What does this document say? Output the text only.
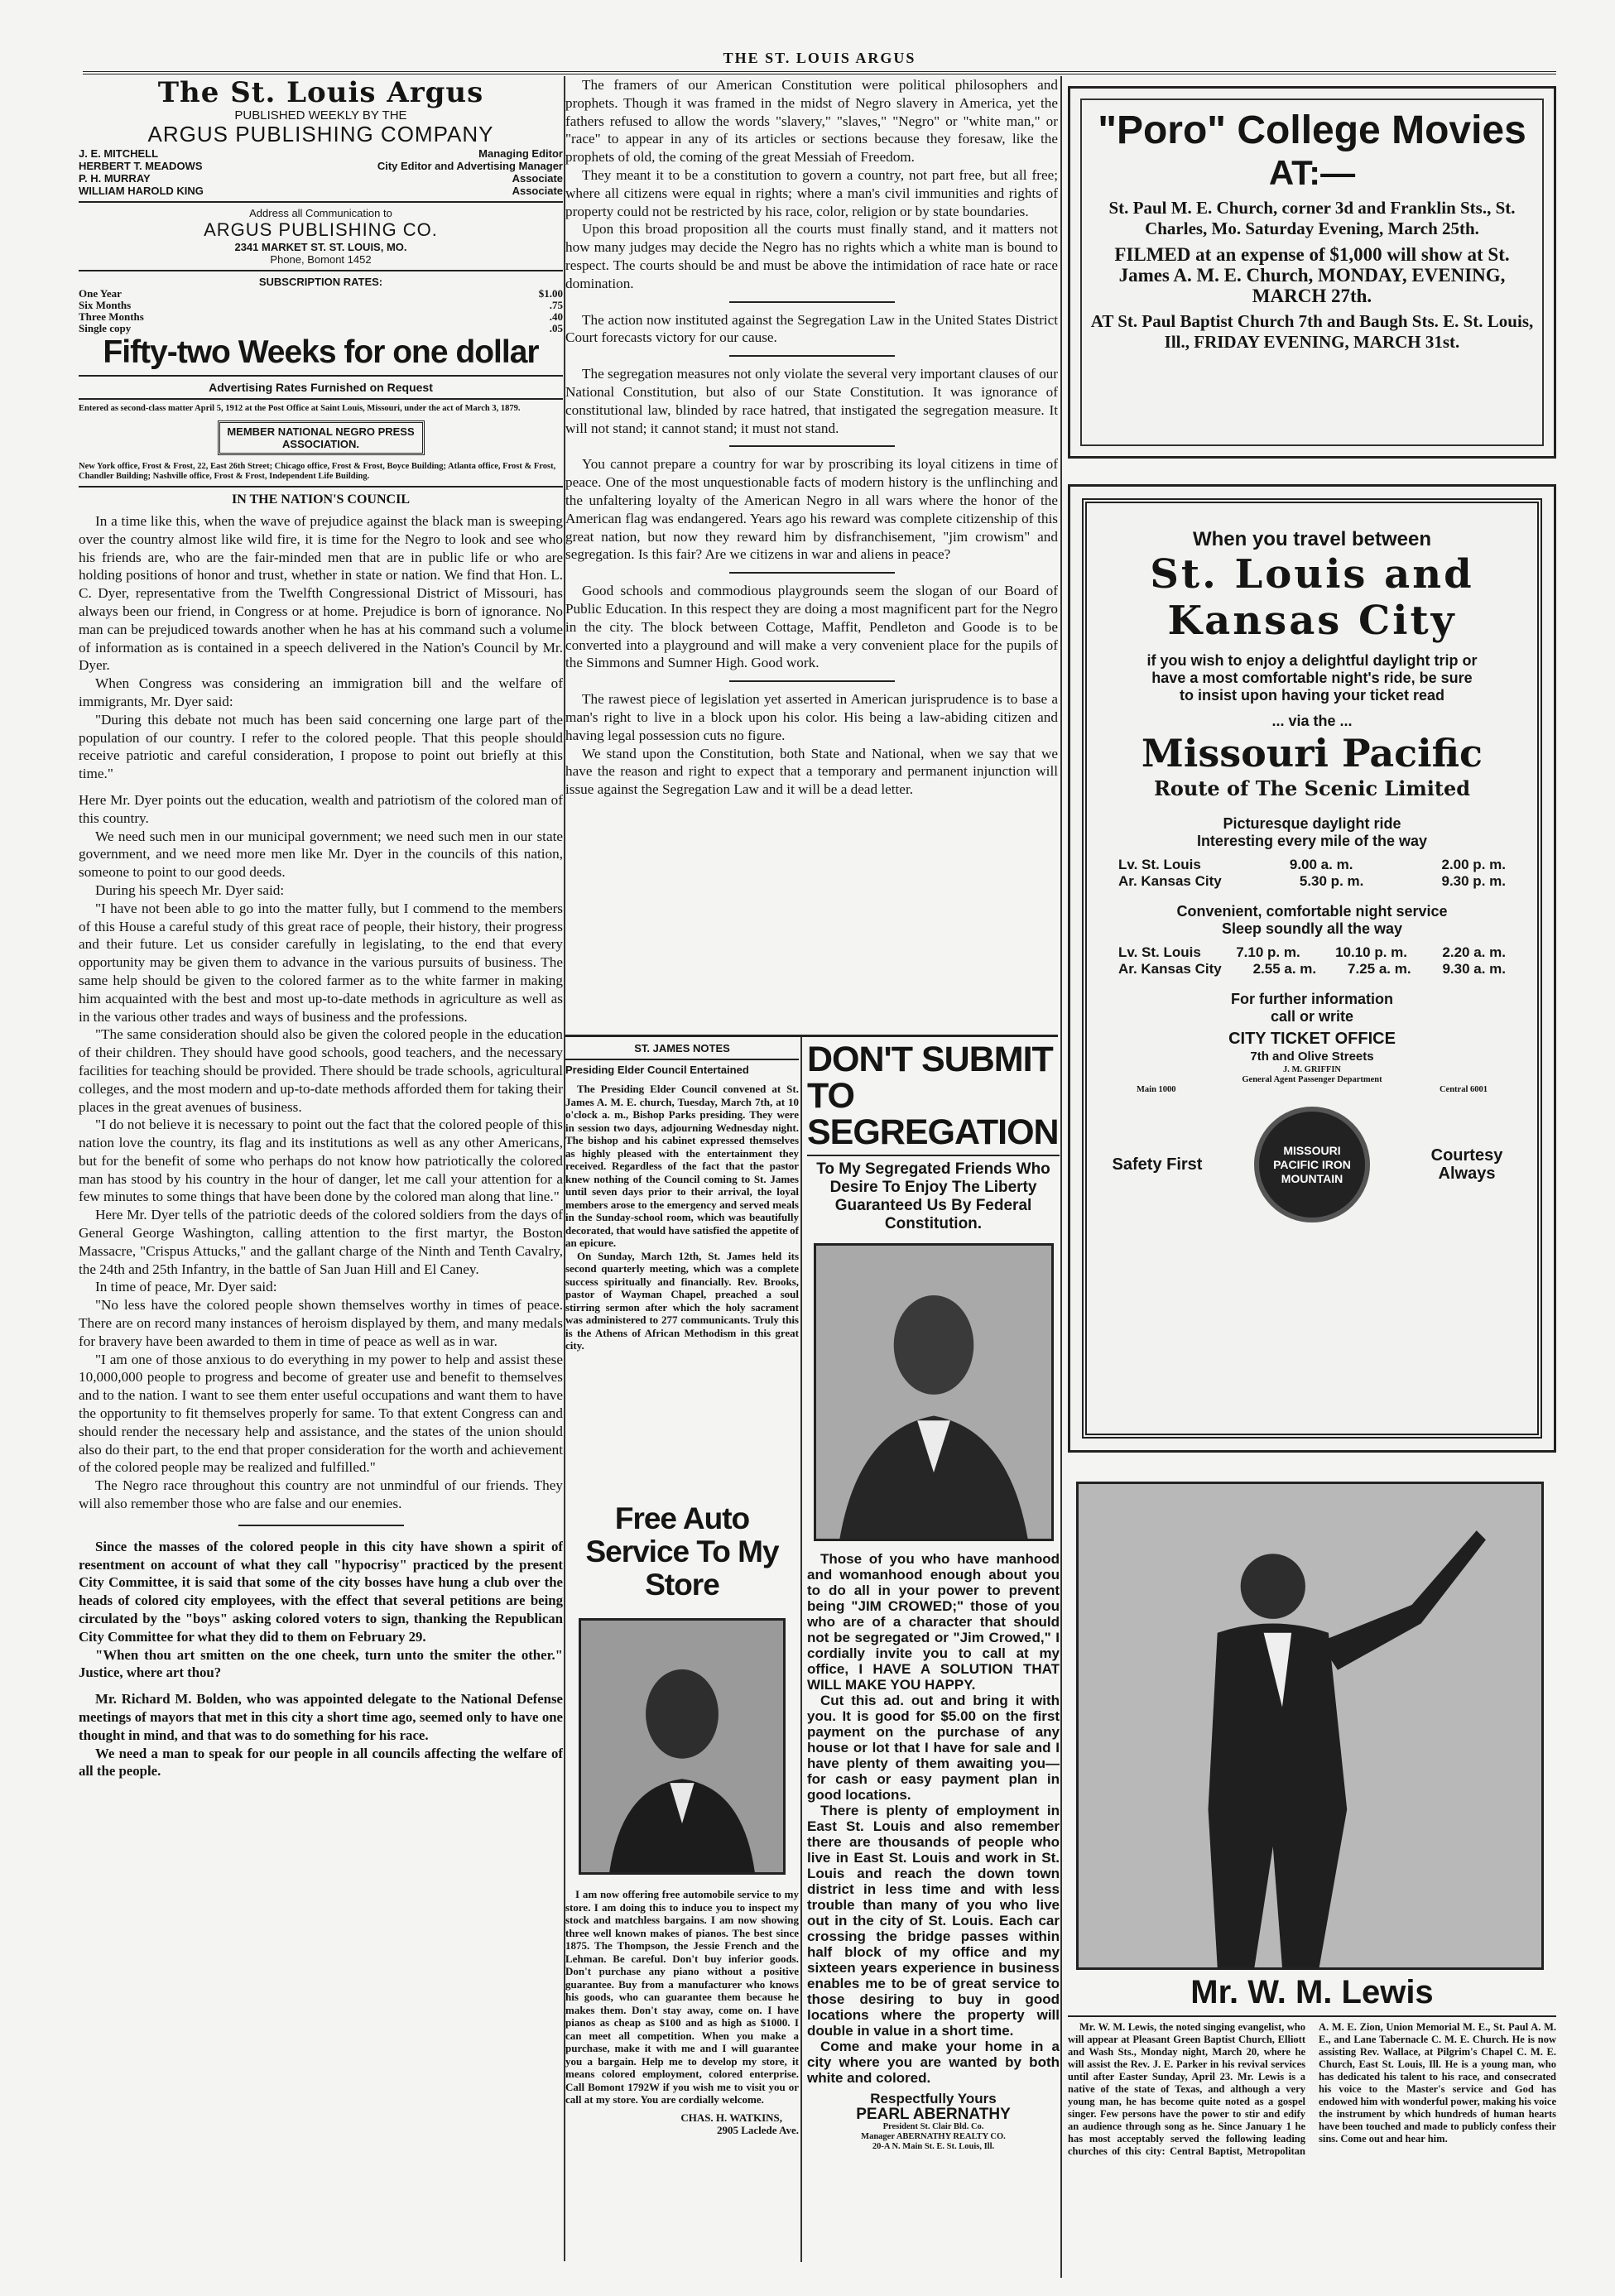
THE ST. LOUIS ARGUS
The St. Louis Argus
PUBLISHED WEEKLY BY THE
ARGUS PUBLISHING COMPANY
J. E. MITCHELL	Managing Editor
HERBERT T. MEADOWS	City Editor and Advertising Manager
P. H. MURRAY	Associate
WILLIAM HAROLD KING	Associate
Address all Communication to
ARGUS PUBLISHING CO.
2341 MARKET ST. ST. LOUIS, MO.
Phone, Bomont 1452
SUBSCRIPTION RATES:
One Year	$1.00
Six Months	.75
Three Months	.40
Single copy	.05
Fifty-two Weeks for one dollar
Advertising Rates Furnished on Request
Entered as second-class matter April 5, 1912 at the Post Office at Saint Louis, Missouri, under the act of March 3, 1879.
MEMBER NATIONAL NEGRO PRESS ASSOCIATION.
New York office, Frost & Frost, 22, East 26th Street; Chicago office, Frost & Frost, Boyce Building; Atlanta office, Frost & Frost, Chandler Building; Nashville office, Frost & Frost, Independent Life Building.
IN THE NATION'S COUNCIL

In a time like this, when the wave of prejudice against the black man is sweeping over the country almost like wild fire, it is time for the Negro to look and see who his friends are, who are the fair-minded men that are in public life or who are holding positions of honor and trust, whether in state or nation. We find that Hon. L. C. Dyer, representative from the Twelfth Congressional District of Missouri, has always been our friend, in Congress or at home. Prejudice is born of ignorance. No man can be prejudiced towards another when he has at his command such a volume of information as is contained in a speech delivered in the Nation's Council by Mr. Dyer.

When Congress was considering an immigration bill and the welfare of immigrants, Mr. Dyer said:

"During this debate not much has been said concerning one large part of the population of our country. I refer to the colored people. That this people should receive patriotic and careful consideration, I propose to point out briefly at this time."

Here Mr. Dyer points out the education, wealth and patriotism of the colored man of this country.

We need such men in our municipal government; we need such men in our state government, and we need more men like Mr. Dyer in the councils of this nation, someone to point to our good deeds.

During his speech Mr. Dyer said:

"I have not been able to go into the matter fully, but I commend to the members of this House a careful study of this great race of people, their history, their progress and their future. Let us consider carefully in legislating, to the end that every opportunity may be given them to advance in the various pursuits of business. The same help should be given to the colored farmer as to the white farmer in making him acquainted with the best and most up-to-date methods in agriculture as well as in the various other trades and ways of business and the professions.

"The same consideration should also be given the colored people in the education of their children. They should have good schools, good teachers, and the necessary facilities for teaching should be provided. There should be trade schools, agricultural colleges, and the most modern and up-to-date methods afforded them for taking their places in the great avenues of business.

"I do not believe it is necessary to point out the fact that the colored people of this nation love the country, its flag and its institutions as well as any other Americans, but for the benefit of some who perhaps do not know how patriotically the colored man has stood by his country in the hour of danger, let me call your attention for a few minutes to some things that have been done by the colored man along that line."

Here Mr. Dyer tells of the patriotic deeds of the colored soldiers from the days of General George Washington, calling attention to the first martyr, the Boston Massacre, "Crispus Attucks," and the gallant charge of the Ninth and Tenth Cavalry, the 24th and 25th Infantry, in the battle of San Juan Hill and El Caney.

In time of peace, Mr. Dyer said:

"No less have the colored people shown themselves worthy in times of peace. There are on record many instances of heroism displayed by them, and many medals for bravery have been awarded to them in time of peace as well as in war.

"I am one of those anxious to do everything in my power to help and assist these 10,000,000 people to progress and become of greater use and benefit to themselves and to the nation. I want to see them enter useful occupations and want them to have the opportunity to fit themselves properly for same. To that extent Congress can and should render the necessary help and assistance, and the states of the union should also do their part, to the end that proper consideration for the worth and achievement of the colored people may be realized and fulfilled."

The Negro race throughout this country are not unmindful of our friends. They will also remember those who are false and our enemies.

Since the masses of the colored people in this city have shown a spirit of resentment on account of what they call "hypocrisy" practiced by the present City Committee, it is said that some of the city bosses have hung a club over the heads of colored city employees, with the effect that several petitions are being circulated by the "boys" asking colored voters to sign, thanking the Republican City Committee for what they did to them on February 29.

"When thou art smitten on the one cheek, turn unto the smiter the other." Justice, where art thou?

Mr. Richard M. Bolden, who was appointed delegate to the National Defense meetings of mayors that met in this city a short time ago, seemed only to have one thought in mind, and that was to do something for his race.

We need a man to speak for our people in all councils affecting the welfare of all the people.

The framers of our American Constitution were political philosophers and prophets. Though it was framed in the midst of Negro slavery in America, yet the fathers refused to allow the words "slavery," "slaves," "Negro" or "white man," or "race" to appear in any of its articles or sections because they foresaw, like the prophets of old, the coming of the great Messiah of Freedom.

They meant it to be a constitution to govern a country, not part free, but all free; where all citizens were equal in rights; where a man's civil immunities and rights of property could not be restricted by his race, color, religion or by state boundaries.

Upon this broad proposition all the courts must finally stand, and it matters not how many judges may decide the Negro has no rights which a white man is bound to respect. The courts should be and must be above the intimidation of race hate or race domination.

The action now instituted against the Segregation Law in the United States District Court forecasts victory for our cause.

The segregation measures not only violate the several very important clauses of our National Constitution, but also of our State Constitution. It was ignorance of constitutional law, blinded by race hatred, that instigated the segregation measure. It will not stand; it cannot stand; it must not stand.

You cannot prepare a country for war by proscribing its loyal citizens in time of peace. One of the most unquestionable facts of modern history is the unflinching and the unfaltering loyalty of the American Negro in all wars where the honor of the American flag was endangered. Years ago his reward was complete citizenship of this great nation, but now they reward him by disfranchisement, "jim crowism" and segregation. Is this fair? Are we citizens in war and aliens in peace?

Good schools and commodious playgrounds seem the slogan of our Board of Public Education. In this respect they are doing a most magnificent part for the Negro in the city. The block between Cottage, Maffit, Pendleton and Goode is to be converted into a playground and will make a very convenient place for the pupils of the Simmons and Sumner High. Good work.

The rawest piece of legislation yet asserted in American jurisprudence is to base a man's right to live in a block upon his color. His being a law-abiding citizen and having legal possession cuts no figure.

We stand upon the Constitution, both State and National, when we say that we have the reason and right to expect that a temporary and permanent injunction will issue against the Segregation Law and it will be a dead letter.

ST. JAMES NOTES
Presiding Elder Council Entertained

The Presiding Elder Council convened at St. James A. M. E. church, Tuesday, March 7th, at 10 o'clock a. m., Bishop Parks presiding. They were in session two days, adjourning Wednesday night. The bishop and his cabinet expressed themselves as highly pleased with the entertainment they received. Regardless of the fact that the pastor knew nothing of the Council coming to St. James until seven days prior to their arrival, the loyal members arose to the emergency and served meals in the Sunday-school room, which was beautifully decorated, that would have satisfied the appetite of an epicure.

On Sunday, March 12th, St. James held its second quarterly meeting, which was a complete success spiritually and financially. Rev. Brooks, pastor of Wayman Chapel, preached a soul stirring sermon after which the holy sacrament was administered to 277 communicants. Truly this is the Athens of African Methodism in this great city.

Free Auto Service To My Store

I am now offering free automobile service to my store. I am doing this to induce you to inspect my stock and matchless bargains. I am now showing three well known makes of pianos. The best since 1875. The Thompson, the Jessie French and the Lehman. Be careful. Don't buy inferior goods. Don't purchase any piano without a positive guarantee. Buy from a manufacturer who knows his goods, who can guarantee them because he makes them. Don't stay away, come on. I have pianos as cheap as $100 and as high as $1000. I can meet all competition. When you make a purchase, make it with me and I will guarantee you a bargain. Help me to develop my store, it means colored employment, colored enterprise. Call Bomont 1792W if you wish me to visit you or call at my store. You are cordially welcome.

CHAS. H. WATKINS,
2905 Laclede Ave.
DON'T SUBMIT TO SEGREGATION
To My Segregated Friends Who Desire To Enjoy The Liberty Guaranteed Us By Federal Constitution.

Those of you who have manhood and womanhood enough about you to do all in your power to prevent being "JIM CROWED;" those of you who are of a character that should not be segregated or "Jim Crowed," I cordially invite you to call at my office, I HAVE A SOLUTION THAT WILL MAKE YOU HAPPY.

Cut this ad. out and bring it with you. It is good for $5.00 on the first payment on the purchase of any house or lot that I have for sale and I have plenty of them awaiting you—for cash or easy payment plan in good locations.

There is plenty of employment in East St. Louis and also remember there are thousands of people who live in East St. Louis and work in St. Louis and reach the down town district in less time and with less trouble than many of you who live out in the city of St. Louis. Each car crossing the bridge passes within half block of my office and my sixteen years experience in business enables me to be of great service to those desiring to buy in good locations where the property will double in value in a short time.

Come and make your home in a city where you are wanted by both white and colored.

Respectfully Yours
PEARL ABERNATHY
President St. Clair Bld. Co.
Manager ABERNATHY REALTY CO.
20-A N. Main St. E. St. Louis, Ill.
"Poro" College Movies
AT:—
St. Paul M. E. Church, corner 3d and Franklin Sts., St. Charles, Mo. Saturday Evening, March 25th.
FILMED at an expense of $1,000 will show at St. James A. M. E. Church, MONDAY, EVENING, MARCH 27th.
AT St. Paul Baptist Church 7th and Baugh Sts. E. St. Louis, Ill., FRIDAY EVENING, MARCH 31st.
When you travel between
St. Louis and
Kansas City
if you wish to enjoy a delightful daylight trip or have a most comfortable night's ride, be sure to insist upon having your ticket read
... via the ...
Missouri Pacific
Route of The Scenic Limited
Picturesque daylight ride
Interesting every mile of the way
Lv. St. Louis	9.00 a. m.	2.00 p. m.
Ar. Kansas City	5.30 p. m.	9.30 p. m.
Convenient, comfortable night service
Sleep soundly all the way
Lv. St. Louis 7.10 p. m. 10.10 p. m. 2.20 a. m.
Ar. Kansas City 2.55 a. m. 7.25 a. m. 9.30 a. m.
For further information
call or write
CITY TICKET OFFICE
7th and Olive Streets
J. M. GRIFFIN
General Agent Passenger Department
Main 1000	Central 6001
Safety First
MISSOURI PACIFIC IRON MOUNTAIN
Courtesy Always
Mr. W. M. Lewis

Mr. W. M. Lewis, the noted singing evangelist, who will appear at Pleasant Green Baptist Church, Elliott and Wash Sts., Monday night, March 20, where he will assist the Rev. J. E. Parker in his revival services until after Easter Sunday, April 23. Mr. Lewis is a native of the state of Texas, and although a very young man, he has become quite noted as a gospel singer. Few persons have the power to stir and edify an audience through song as he. Since January 1 he has most acceptably served the following leading churches of this city: Central Baptist, Metropolitan A. M. E. Zion, Union Memorial M. E., St. Paul A. M. E., and Lane Tabernacle C. M. E. Church. He is now assisting Rev. Wallace, at Pilgrim's Chapel C. M. E. Church, East St. Louis, Ill. He is a young man, who has dedicated his talent to his race, and consecrated his voice to the Master's service and God has endowed him with wonderful power, making his voice the instrument by which hundreds of human hearts have been touched and made to publicly confess their sins. Come out and hear him.
